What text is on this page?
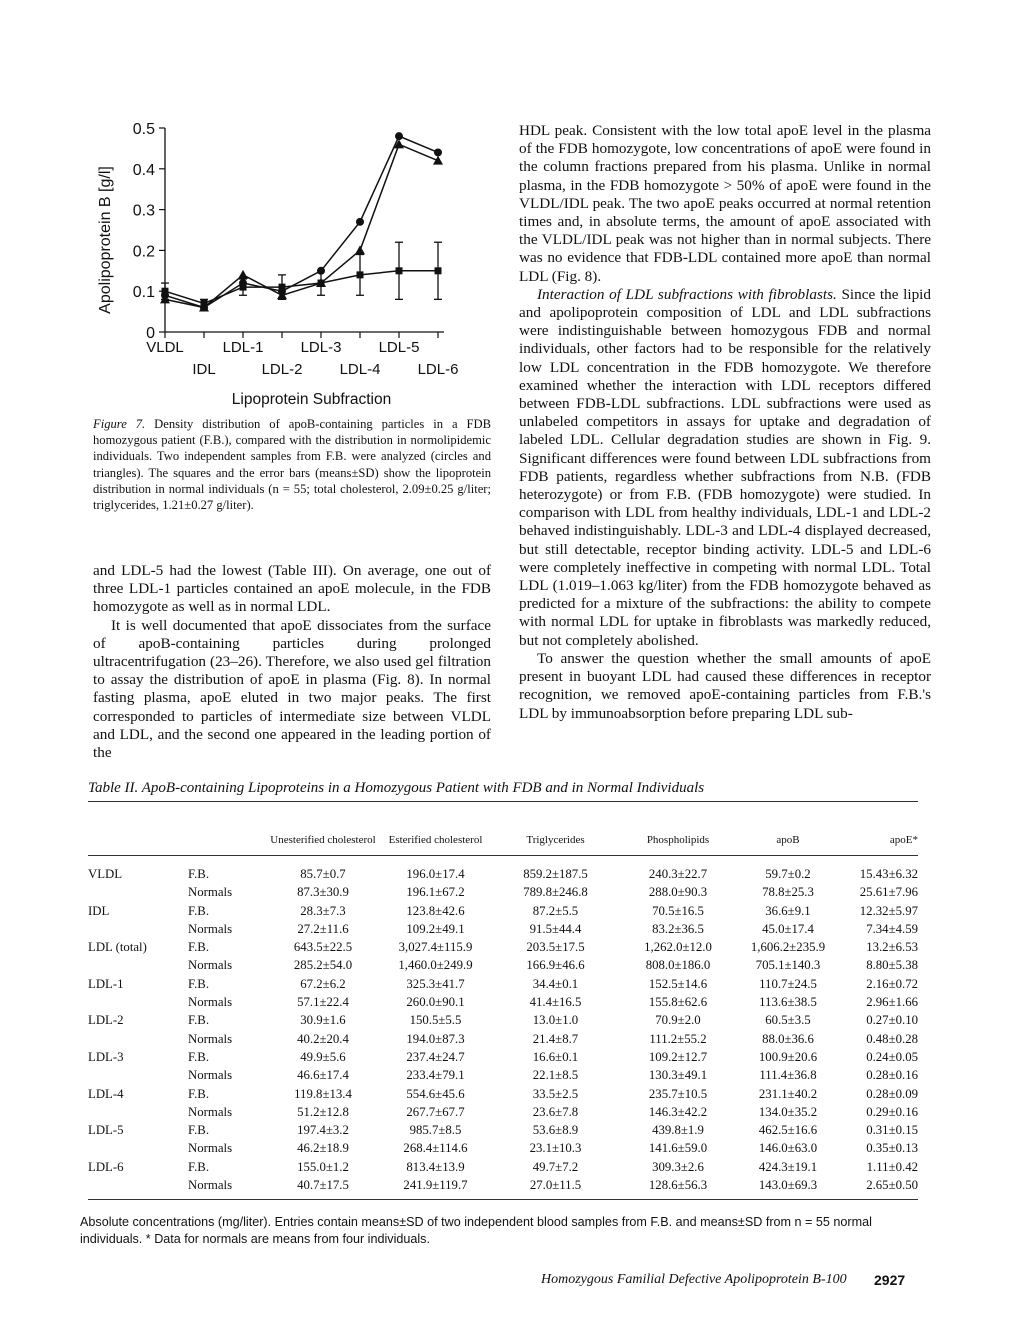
0
0.1
0.2
0.3
0.4
0.5
VLDL
IDL
LDL-1
LDL-2
LDL-3
LDL-4
LDL-5
LDL-6
Lipoprotein Subfraction
Apolipoprotein B [g/l]
Figure 7. Density distribution of apoB-containing particles in a FDB homozygous patient (F.B.), compared with the distribution in normolipidemic individuals. Two independent samples from F.B. were analyzed (circles and triangles). The squares and the error bars (means±SD) show the lipoprotein distribution in normal individuals (n = 55; total cholesterol, 2.09±0.25 g/liter; triglycerides, 1.21±0.27 g/liter).

and LDL-5 had the lowest (Table III). On average, one out of three LDL-1 particles contained an apoE molecule, in the FDB homozygote as well as in normal LDL.

It is well documented that apoE dissociates from the surface of apoB-containing particles during prolonged ultracentrifugation (23–26). Therefore, we also used gel filtration to assay the distribution of apoE in plasma (Fig. 8). In normal fasting plasma, apoE eluted in two major peaks. The first corresponded to particles of intermediate size between VLDL and LDL, and the second one appeared in the leading portion of the

HDL peak. Consistent with the low total apoE level in the plasma of the FDB homozygote, low concentrations of apoE were found in the column fractions prepared from his plasma. Unlike in normal plasma, in the FDB homozygote > 50% of apoE were found in the VLDL/IDL peak. The two apoE peaks occurred at normal retention times and, in absolute terms, the amount of apoE associated with the VLDL/IDL peak was not higher than in normal subjects. There was no evidence that FDB-LDL contained more apoE than normal LDL (Fig. 8).

Interaction of LDL subfractions with fibroblasts. Since the lipid and apolipoprotein composition of LDL and LDL subfractions were indistinguishable between homozygous FDB and normal individuals, other factors had to be responsible for the relatively low LDL concentration in the FDB homozygote. We therefore examined whether the interaction with LDL receptors differed between FDB-LDL subfractions. LDL subfractions were used as unlabeled competitors in assays for uptake and degradation of labeled LDL. Cellular degradation studies are shown in Fig. 9. Significant differences were found between LDL subfractions from FDB patients, regardless whether subfractions from N.B. (FDB heterozygote) or from F.B. (FDB homozygote) were studied. In comparison with LDL from healthy individuals, LDL-1 and LDL-2 behaved indistinguishably. LDL-3 and LDL-4 displayed decreased, but still detectable, receptor binding activity. LDL-5 and LDL-6 were completely ineffective in competing with normal LDL. Total LDL (1.019–1.063 kg/liter) from the FDB homozygote behaved as predicted for a mixture of the subfractions: the ability to compete with normal LDL for uptake in fibroblasts was markedly reduced, but not completely abolished.

To answer the question whether the small amounts of apoE present in buoyant LDL had caused these differences in receptor recognition, we removed apoE-containing particles from F.B.'s LDL by immunoabsorption before preparing LDL sub-

Table II. ApoB-containing Lipoproteins in a Homozygous Patient with FDB and in Normal Individuals
		Unesterified cholesterol	Esterified cholesterol	Triglycerides	Phospholipids	apoB	apoE*

VLDL	F.B.	85.7±0.7	196.0±17.4	859.2±187.5	240.3±22.7	59.7±0.2	15.43±6.32
	Normals	87.3±30.9	196.1±67.2	789.8±246.8	288.0±90.3	78.8±25.3	25.61±7.96
IDL	F.B.	28.3±7.3	123.8±42.6	87.2±5.5	70.5±16.5	36.6±9.1	12.32±5.97
	Normals	27.2±11.6	109.2±49.1	91.5±44.4	83.2±36.5	45.0±17.4	7.34±4.59
LDL (total)	F.B.	643.5±22.5	3,027.4±115.9	203.5±17.5	1,262.0±12.0	1,606.2±235.9	13.2±6.53
	Normals	285.2±54.0	1,460.0±249.9	166.9±46.6	808.0±186.0	705.1±140.3	8.80±5.38
LDL-1	F.B.	67.2±6.2	325.3±41.7	34.4±0.1	152.5±14.6	110.7±24.5	2.16±0.72
	Normals	57.1±22.4	260.0±90.1	41.4±16.5	155.8±62.6	113.6±38.5	2.96±1.66
LDL-2	F.B.	30.9±1.6	150.5±5.5	13.0±1.0	70.9±2.0	60.5±3.5	0.27±0.10
	Normals	40.2±20.4	194.0±87.3	21.4±8.7	111.2±55.2	88.0±36.6	0.48±0.28
LDL-3	F.B.	49.9±5.6	237.4±24.7	16.6±0.1	109.2±12.7	100.9±20.6	0.24±0.05
	Normals	46.6±17.4	233.4±79.1	22.1±8.5	130.3±49.1	111.4±36.8	0.28±0.16
LDL-4	F.B.	119.8±13.4	554.6±45.6	33.5±2.5	235.7±10.5	231.1±40.2	0.28±0.09
	Normals	51.2±12.8	267.7±67.7	23.6±7.8	146.3±42.2	134.0±35.2	0.29±0.16
LDL-5	F.B.	197.4±3.2	985.7±8.5	53.6±8.9	439.8±1.9	462.5±16.6	0.31±0.15
	Normals	46.2±18.9	268.4±114.6	23.1±10.3	141.6±59.0	146.0±63.0	0.35±0.13
LDL-6	F.B.	155.0±1.2	813.4±13.9	49.7±7.2	309.3±2.6	424.3±19.1	1.11±0.42
	Normals	40.7±17.5	241.9±119.7	27.0±11.5	128.6±56.3	143.0±69.3	2.65±0.50
Absolute concentrations (mg/liter). Entries contain means±SD of two independent blood samples from F.B. and means±SD from n = 55 normal individuals. * Data for normals are means from four individuals.
Homozygous Familial Defective Apolipoprotein B-100 2927
